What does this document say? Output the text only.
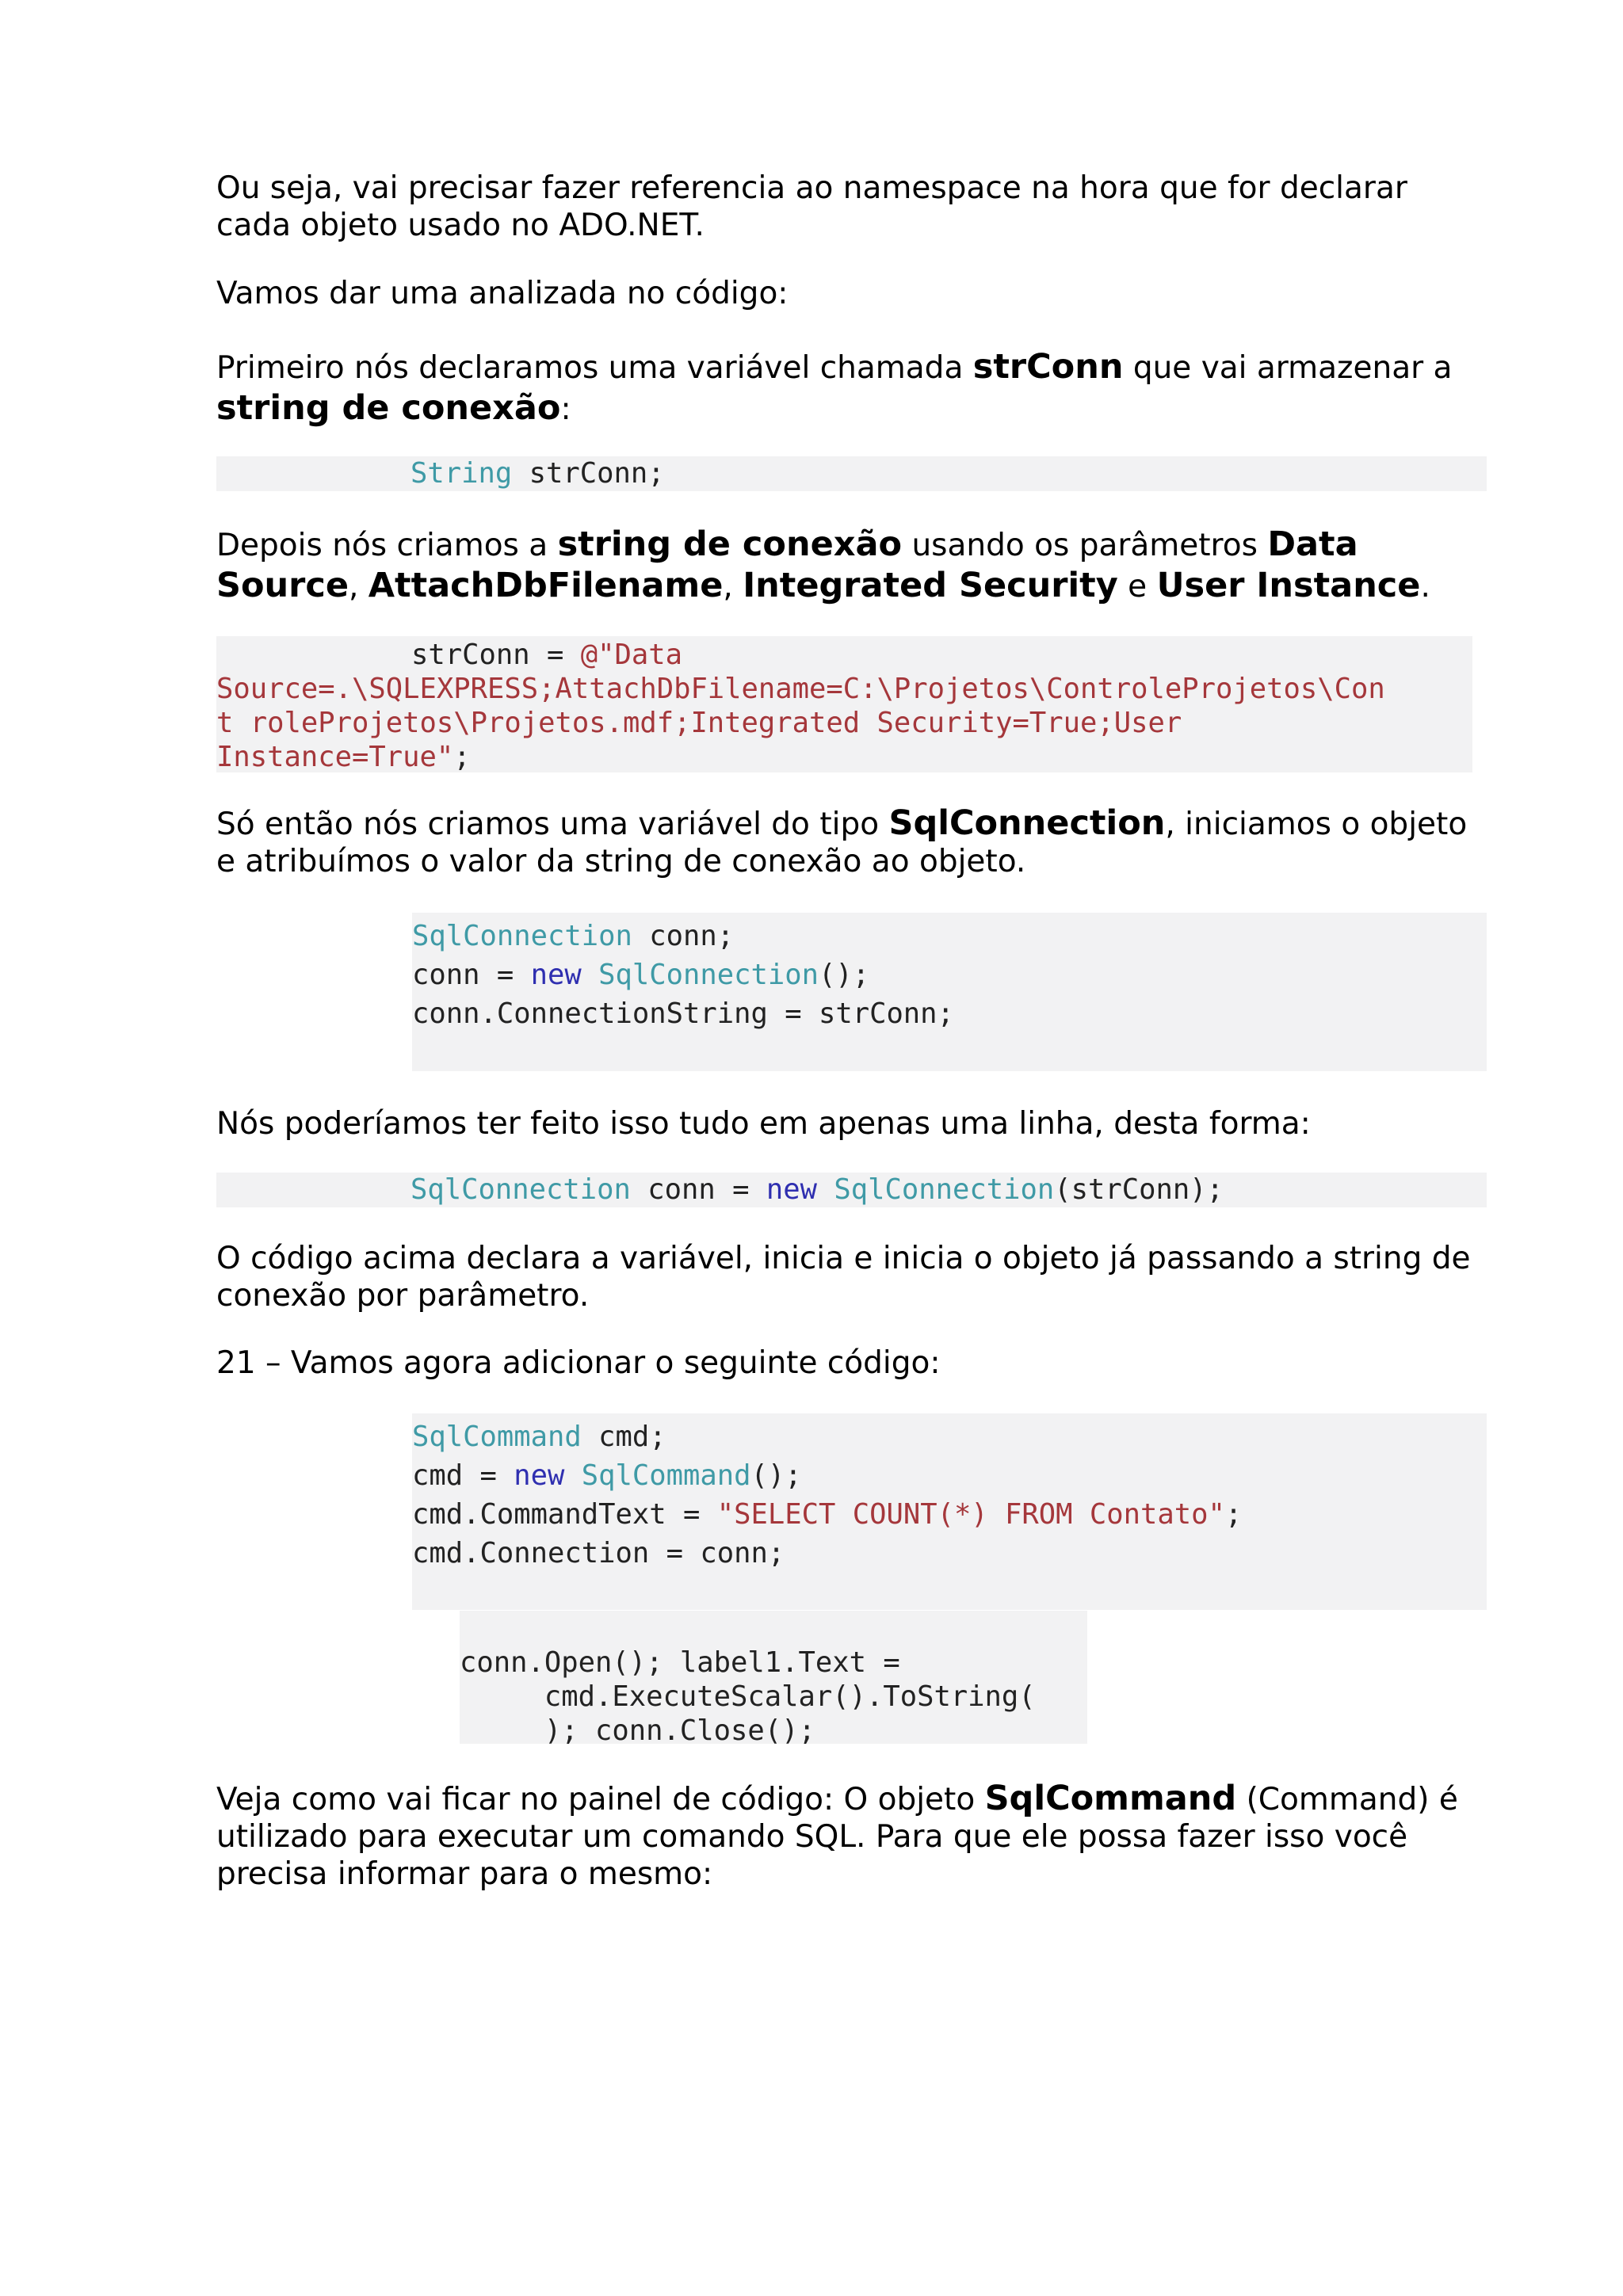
Ou seja, vai precisar fazer referencia ao namespace na hora que for declarar cada objeto usado no ADO.NET.

Vamos dar uma analizada no código:

Primeiro nós declaramos uma variável chamada strConn que vai armazenar a string de conexão:

String strConn;

Depois nós criamos a string de conexão usando os parâmetros Data Source, AttachDbFilename, Integrated Security e User Instance.

strConn = @"Data
Source=.\SQLEXPRESS;AttachDbFilename=C:\Projetos\ControleProjetos\Con
t roleProjetos\Projetos.mdf;Integrated Security=True;User
Instance=True";

Só então nós criamos uma variável do tipo SqlConnection, iniciamos o objeto e atribuímos o valor da string de conexão ao objeto.

SqlConnection conn;
conn = new SqlConnection();
conn.ConnectionString = strConn;

Nós poderíamos ter feito isso tudo em apenas uma linha, desta forma:

SqlConnection conn = new SqlConnection(strConn);

O código acima declara a variável, inicia e inicia o objeto já passando a string de conexão por parâmetro.

21 – Vamos agora adicionar o seguinte código:

SqlCommand cmd;
cmd = new SqlCommand();
cmd.CommandText = "SELECT COUNT(*) FROM Contato";
cmd.Connection = conn;
conn.Open(); label1.Text =
cmd.ExecuteScalar().ToString(
); conn.Close();

Veja como vai ficar no painel de código: O objeto SqlCommand (Command) é utilizado para executar um comando SQL. Para que ele possa fazer isso você precisa informar para o mesmo:
